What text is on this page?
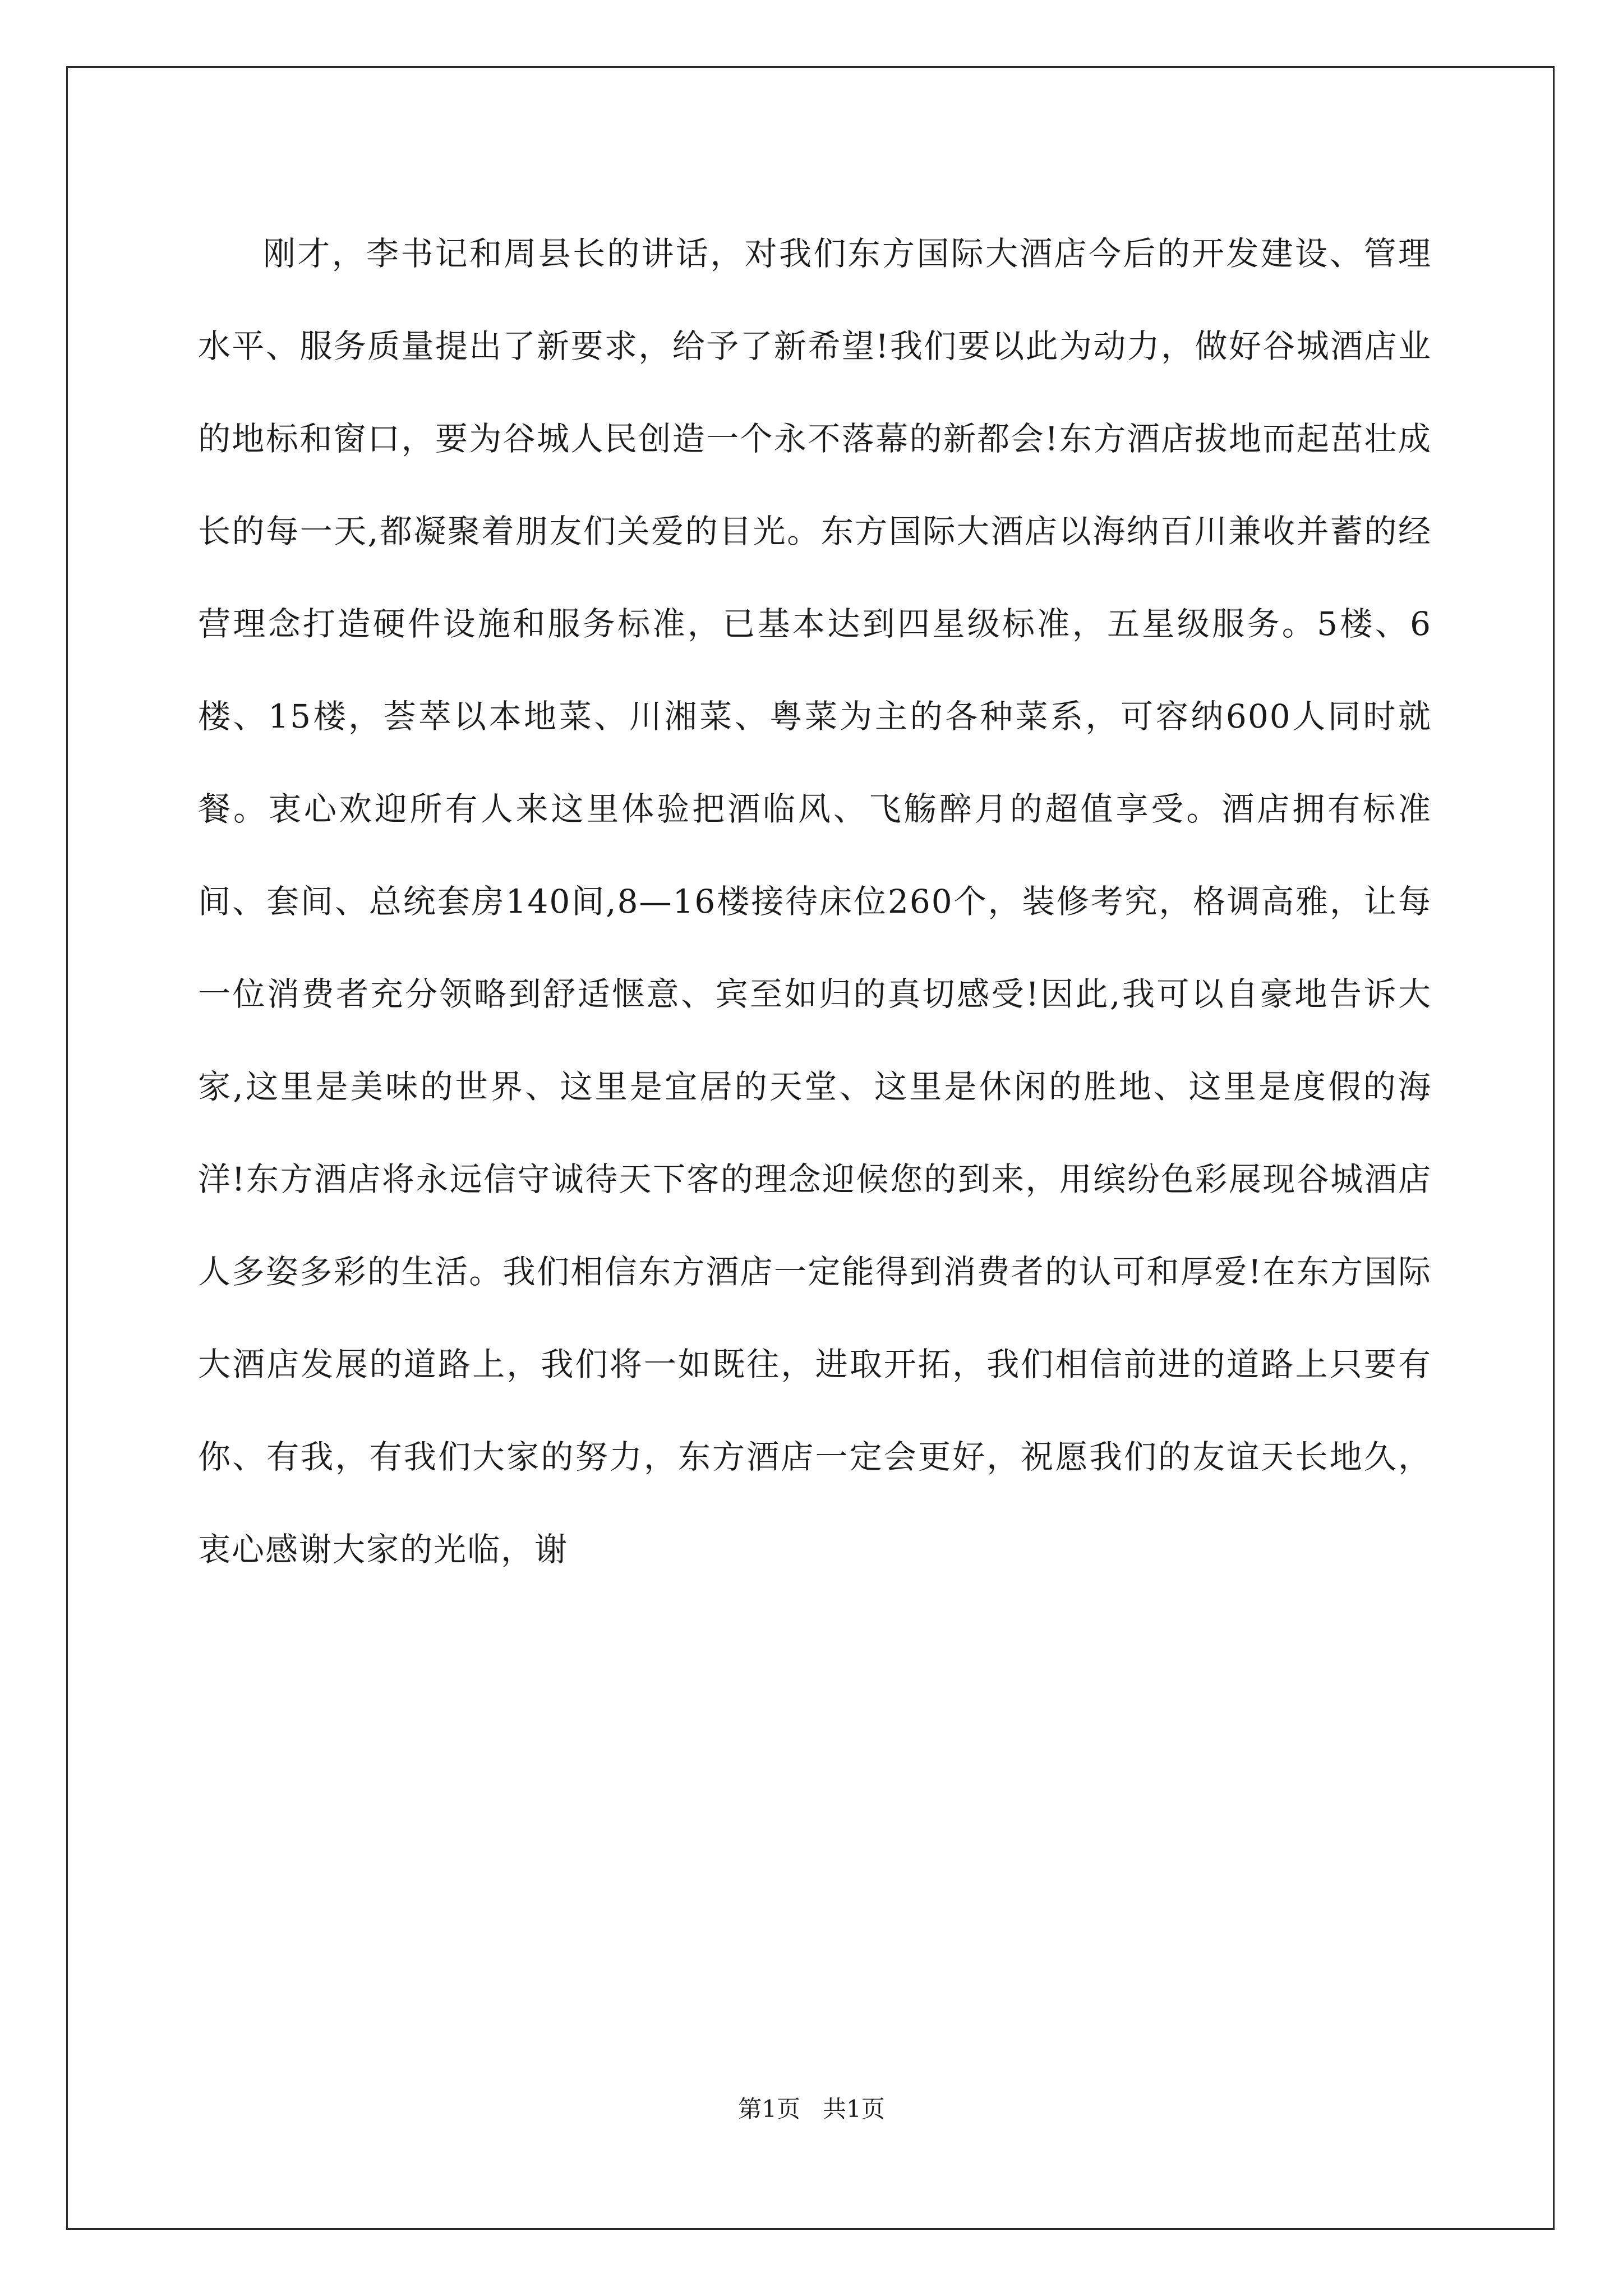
刚才，李书记和周县长的讲话，对我们东方国际大酒店今后的开发建设、管理水平、服务质量提出了新要求，给予了新希望!我们要以此为动力，做好谷城酒店业的地标和窗口，要为谷城人民创造一个永不落幕的新都会!东方酒店拔地而起茁壮成长的每一天,都凝聚着朋友们关爱的目光。东方国际大酒店以海纳百川兼收并蓄的经营理念打造硬件设施和服务标准，已基本达到四星级标准，五星级服务。5楼、6楼、15楼，荟萃以本地菜、川湘菜、粤菜为主的各种菜系，可容纳600人同时就餐。衷心欢迎所有人来这里体验把酒临风、飞觞醉月的超值享受。酒店拥有标准间、套间、总统套房140间,8—16楼接待床位260个，装修考究，格调高雅，让每一位消费者充分领略到舒适惬意、宾至如归的真切感受!因此,我可以自豪地告诉大家,这里是美味的世界、这里是宜居的天堂、这里是休闲的胜地、这里是度假的海洋!东方酒店将永远信守诚待天下客的理念迎候您的到来，用缤纷色彩展现谷城酒店人多姿多彩的生活。我们相信东方酒店一定能得到消费者的认可和厚爱!在东方国际大酒店发展的道路上，我们将一如既往，进取开拓，我们相信前进的道路上只要有你、有我，有我们大家的努力，东方酒店一定会更好，祝愿我们的友谊天长地久，衷心感谢大家的光临，谢

第1页 共1页
